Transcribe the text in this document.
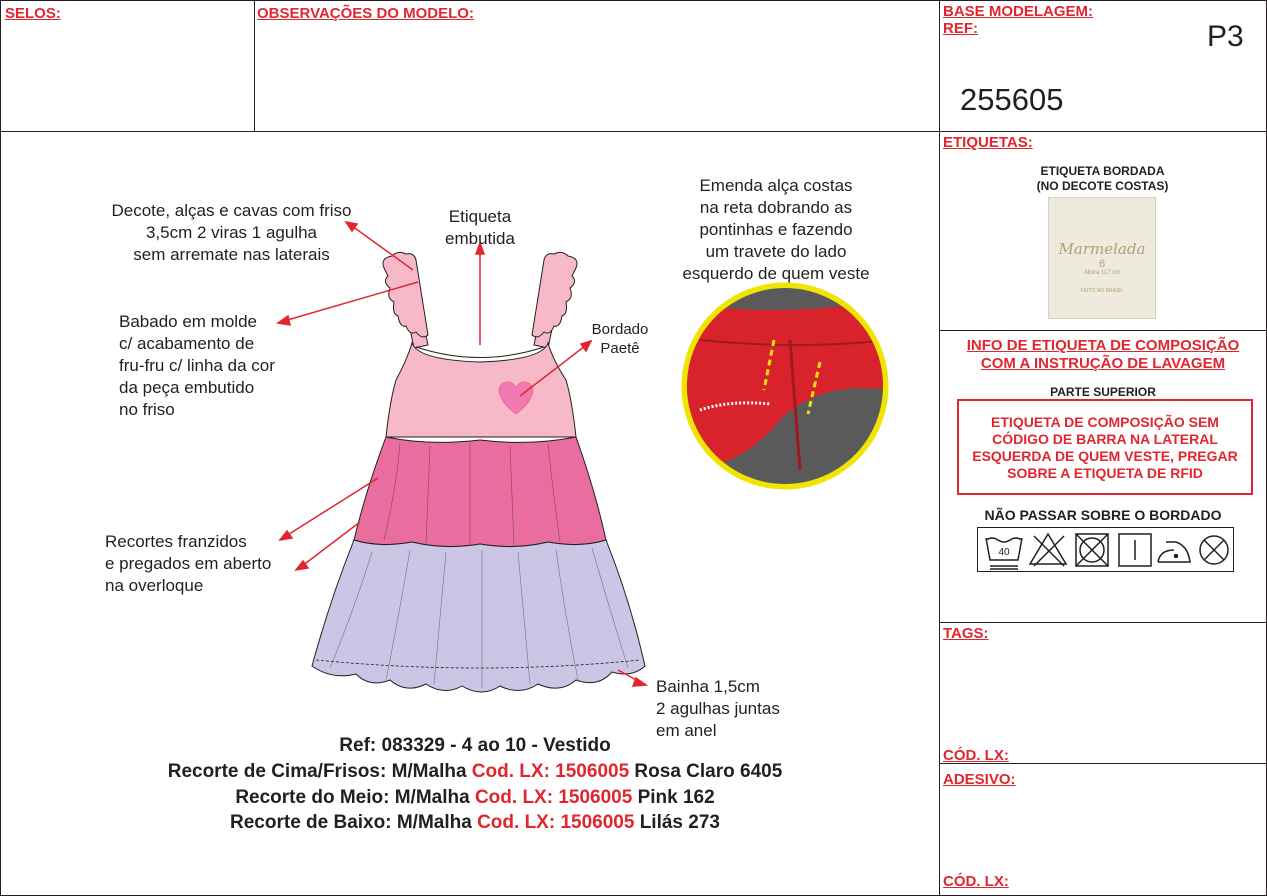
SELOS:	OBSERVAÇÕES DO MODELO:	BASE MODELAGEM:
REF:	P3
255605
Decote, alças e cavas com friso
3,5cm 2 viras 1 agulha
sem arremate nas laterais
Etiqueta
embutida
Emenda alça costas
na reta dobrando as
pontinhas e fazendo
um travete do lado
esquerdo de quem veste
Babado em molde
c/ acabamento de
fru-fru c/ linha da cor
da peça embutido
no friso
Bordado
Paetê
Recortes franzidos
e pregados em aberto
na overloque
Bainha 1,5cm
2 agulhas juntas
em anel
Ref: 083329 - 4 ao 10 - Vestido
Recorte de Cima/Frisos: M/Malha Cod. LX: 1506005 Rosa Claro 6405
Recorte do Meio: M/Malha Cod. LX: 1506005 Pink 162
Recorte de Baixo: M/Malha Cod. LX: 1506005 Lilás 273
ETIQUETAS:
ETIQUETA BORDADA
(NO DECOTE COSTAS)
Marmelada
6
Altura 117 cm
FEITO NO BRASIL
INFO DE ETIQUETA DE COMPOSIÇÃO
COM A INSTRUÇÃO DE LAVAGEM
PARTE SUPERIOR
ETIQUETA DE COMPOSIÇÃO SEM
CÓDIGO DE BARRA NA LATERAL
ESQUERDA DE QUEM VESTE, PREGAR
SOBRE A ETIQUETA DE RFID
NÃO PASSAR SOBRE O BORDADO
40
TAGS:
CÓD. LX:
ADESIVO:
CÓD. LX:
